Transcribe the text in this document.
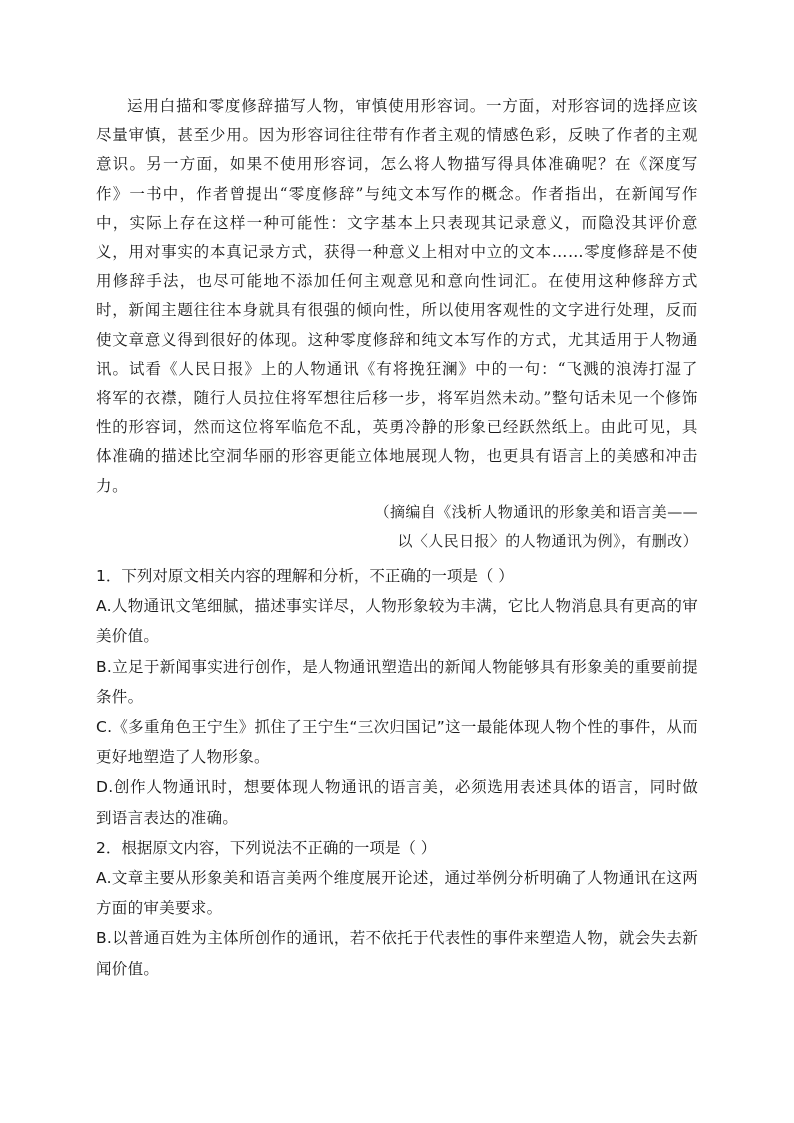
运用白描和零度修辞描写人物，审慎使用形容词。一方面，对形容词的选择应该尽量审慎，甚至少用。因为形容词往往带有作者主观的情感色彩，反映了作者的主观意识。另一方面，如果不使用形容词，怎么将人物描写得具体准确呢？在《深度写作》一书中，作者曾提出“零度修辞”与纯文本写作的概念。作者指出，在新闻写作中，实际上存在这样一种可能性：文字基本上只表现其记录意义，而隐没其评价意义，用对事实的本真记录方式，获得一种意义上相对中立的文本……零度修辞是不使用修辞手法，也尽可能地不添加任何主观意见和意向性词汇。在使用这种修辞方式时，新闻主题往往本身就具有很强的倾向性，所以使用客观性的文字进行处理，反而使文章意义得到很好的体现。这种零度修辞和纯文本写作的方式，尤其适用于人物通讯。试看《人民日报》上的人物通讯《有将挽狂澜》中的一句：“飞溅的浪涛打湿了将军的衣襟，随行人员拉住将军想往后移一步，将军岿然未动。”整句话未见一个修饰性的形容词，然而这位将军临危不乱，英勇冷静的形象已经跃然纸上。由此可见，具体准确的描述比空洞华丽的形容更能立体地展现人物，也更具有语言上的美感和冲击力。

（摘编自《浅析人物通讯的形象美和语言美——

以〈人民日报〉的人物通讯为例》，有删改）

1．下列对原文相关内容的理解和分析，不正确的一项是（ ）

A.人物通讯文笔细腻，描述事实详尽，人物形象较为丰满，它比人物消息具有更高的审美价值。

B.立足于新闻事实进行创作，是人物通讯塑造出的新闻人物能够具有形象美的重要前提条件。

C.《多重角色王宁生》抓住了王宁生“三次归国记”这一最能体现人物个性的事件，从而更好地塑造了人物形象。

D.创作人物通讯时，想要体现人物通讯的语言美，必须选用表述具体的语言，同时做到语言表达的准确。

2．根据原文内容，下列说法不正确的一项是（ ）

A.文章主要从形象美和语言美两个维度展开论述，通过举例分析明确了人物通讯在这两方面的审美要求。

B.以普通百姓为主体所创作的通讯，若不依托于代表性的事件来塑造人物，就会失去新闻价值。
